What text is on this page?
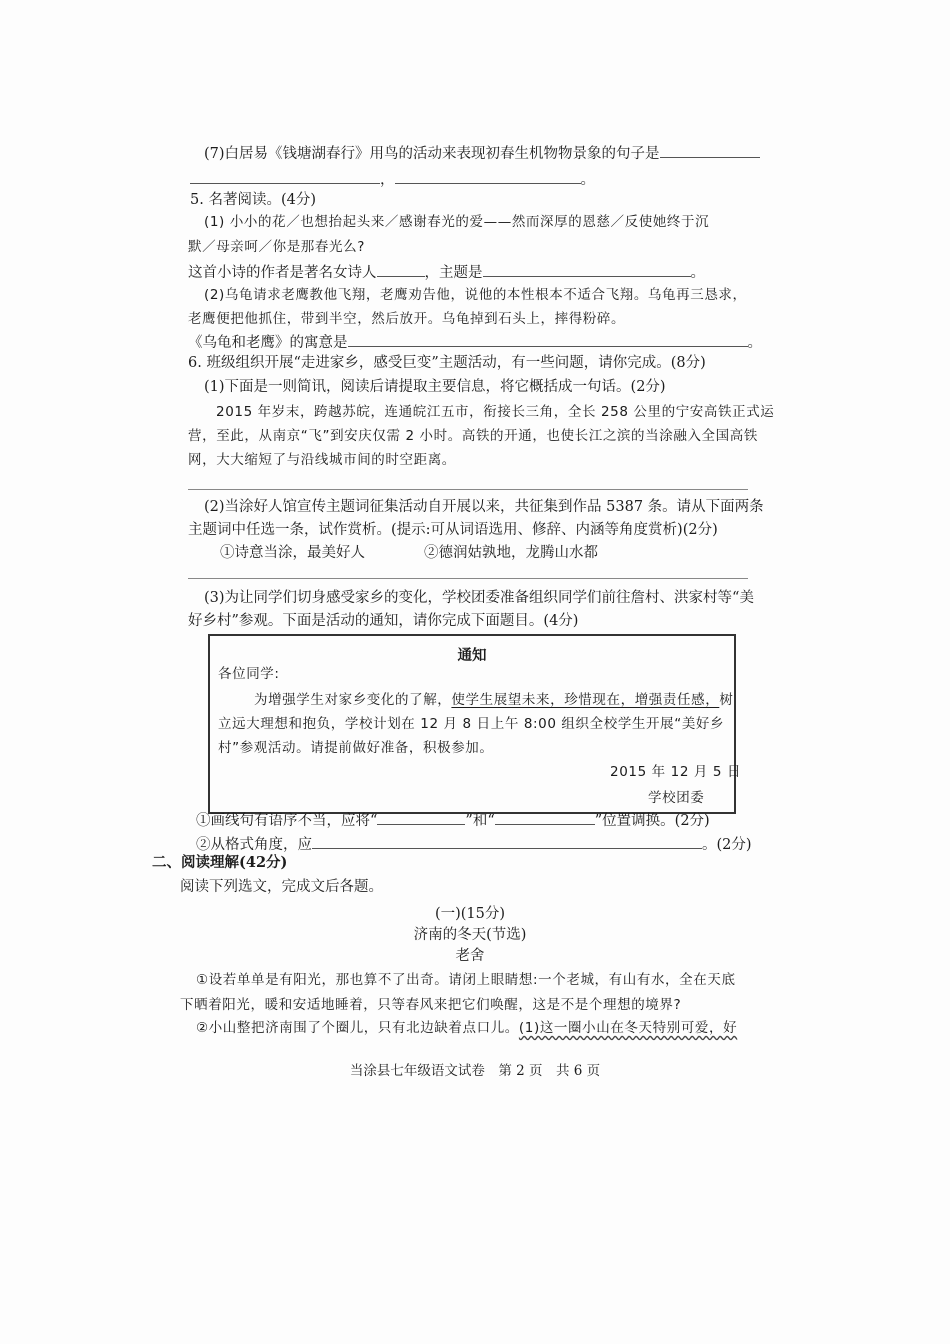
(7)白居易《钱塘湖春行》用鸟的活动来表现初春生机物物景象的句子是
，	。
5. 名著阅读。(4分)
(1) 小小的花／也想抬起头来／感谢春光的爱——然而深厚的恩慈／反使她终于沉
默／母亲呵／你是那春光么?
这首小诗的作者是著名女诗人	，主题是	。
(2)乌龟请求老鹰教他飞翔，老鹰劝告他，说他的本性根本不适合飞翔。乌龟再三恳求，
老鹰便把他抓住，带到半空，然后放开。乌龟掉到石头上，摔得粉碎。
《乌龟和老鹰》的寓意是	。
6. 班级组织开展“走进家乡，感受巨变”主题活动，有一些问题，请你完成。(8分)
(1)下面是一则简讯，阅读后请提取主要信息，将它概括成一句话。(2分)
2015 年岁末，跨越苏皖，连通皖江五市，衔接长三角，全长 258 公里的宁安高铁正式运
营，至此，从南京“飞”到安庆仅需 2 小时。高铁的开通，也使长江之滨的当涂融入全国高铁
网，大大缩短了与沿线城市间的时空距离。
(2)当涂好人馆宣传主题词征集活动自开展以来，共征集到作品 5387 条。请从下面两条
主题词中任选一条，试作赏析。(提示:可从词语选用、修辞、内涵等角度赏析)(2分)
①诗意当涂，最美好人	②德润姑孰地，龙腾山水都
(3)为让同学们切身感受家乡的变化，学校团委准备组织同学们前往詹村、洪家村等“美
好乡村”参观。下面是活动的通知，请你完成下面题目。(4分)
通知
各位同学:
为增强学生对家乡变化的了解，使学生展望未来，珍惜现在，增强责任感，树
立远大理想和抱负，学校计划在 12 月 8 日上午 8:00 组织全校学生开展“美好乡
村”参观活动。请提前做好准备，积极参加。
2015 年 12 月 5 日
学校团委
①画线句有语序不当，应将“	”和“	”位置调换。(2分)
②从格式角度，应	。(2分)
二、阅读理解(42分)
阅读下列选文，完成文后各题。
(一)(15分)
济南的冬天(节选)
老舍
①设若单单是有阳光，那也算不了出奇。请闭上眼睛想:一个老城，有山有水，全在天底
下晒着阳光，暖和安适地睡着，只等春风来把它们唤醒，这是不是个理想的境界?
②小山整把济南围了个圈儿，只有北边缺着点口儿。(1)这一圈小山在冬天特别可爱，好
当涂县七年级语文试卷　第 2 页　共 6 页
